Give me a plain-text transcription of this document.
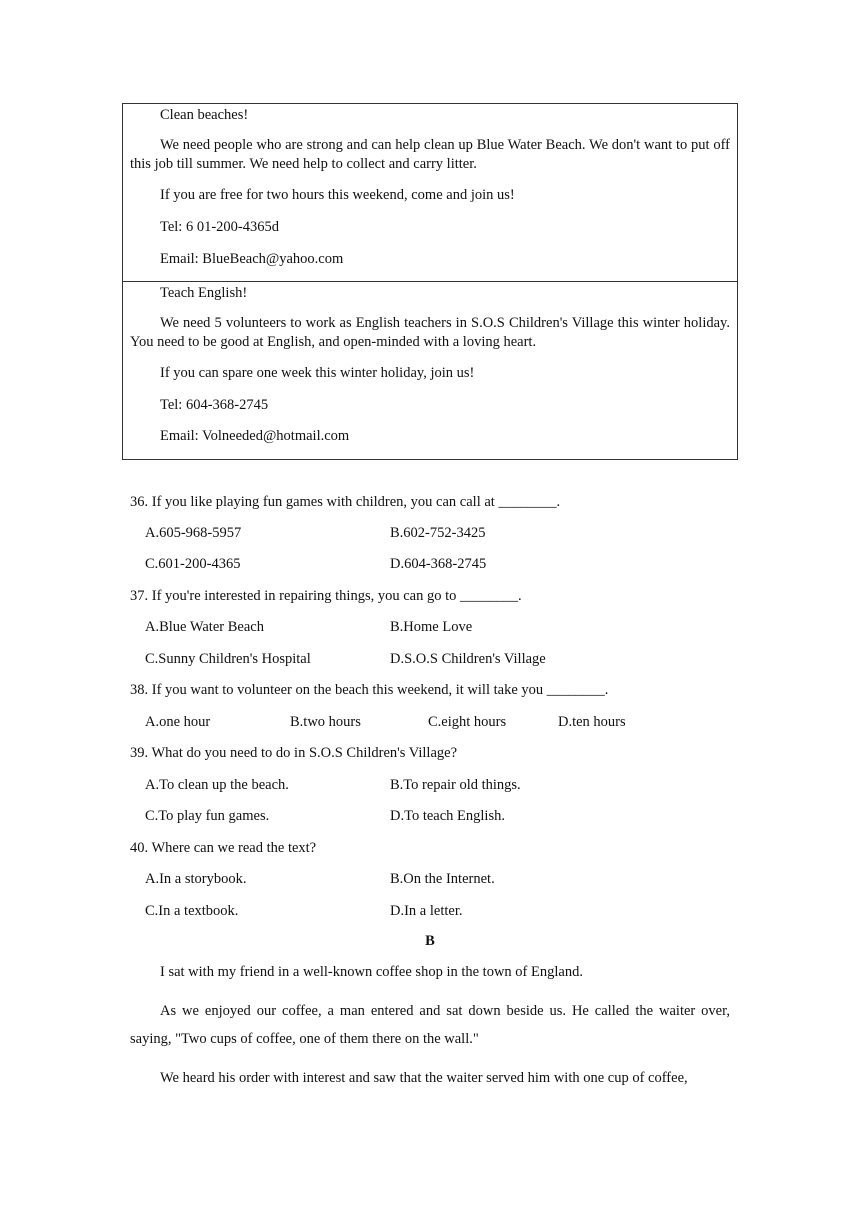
Clean beaches!

We need people who are strong and can help clean up Blue Water Beach. We don't want to put off this job till summer. We need help to collect and carry litter.

If you are free for two hours this weekend, come and join us!

Tel: 6 01-200-4365d

Email: BlueBeach@yahoo.com

Teach English!

We need 5 volunteers to work as English teachers in S.O.S Children's Village this winter holiday. You need to be good at English, and open-minded with a loving heart.

If you can spare one week this winter holiday, join us!

Tel: 604-368-2745

Email: Volneeded@hotmail.com

36. If you like playing fun games with children, you can call at ________.

A.605-968-5957	B.602-752-3425

C.601-200-4365	D.604-368-2745

37. If you're interested in repairing things, you can go to ________.

A.Blue Water Beach	B.Home Love

C.Sunny Children's Hospital	D.S.O.S Children's Village

38. If you want to volunteer on the beach this weekend, it will take you ________.

A.one hour	B.two hours	C.eight hours	D.ten hours

39. What do you need to do in S.O.S Children's Village?

A.To clean up the beach.	B.To repair old things.

C.To play fun games.	D.To teach English.

40. Where can we read the text?

A.In a storybook.	B.On the Internet.

C.In a textbook.	D.In a letter.

B

I sat with my friend in a well-known coffee shop in the town of England.

As we enjoyed our coffee, a man entered and sat down beside us. He called the waiter over, saying, "Two cups of coffee, one of them there on the wall."

We heard his order with interest and saw that the waiter served him with one cup of coffee,
